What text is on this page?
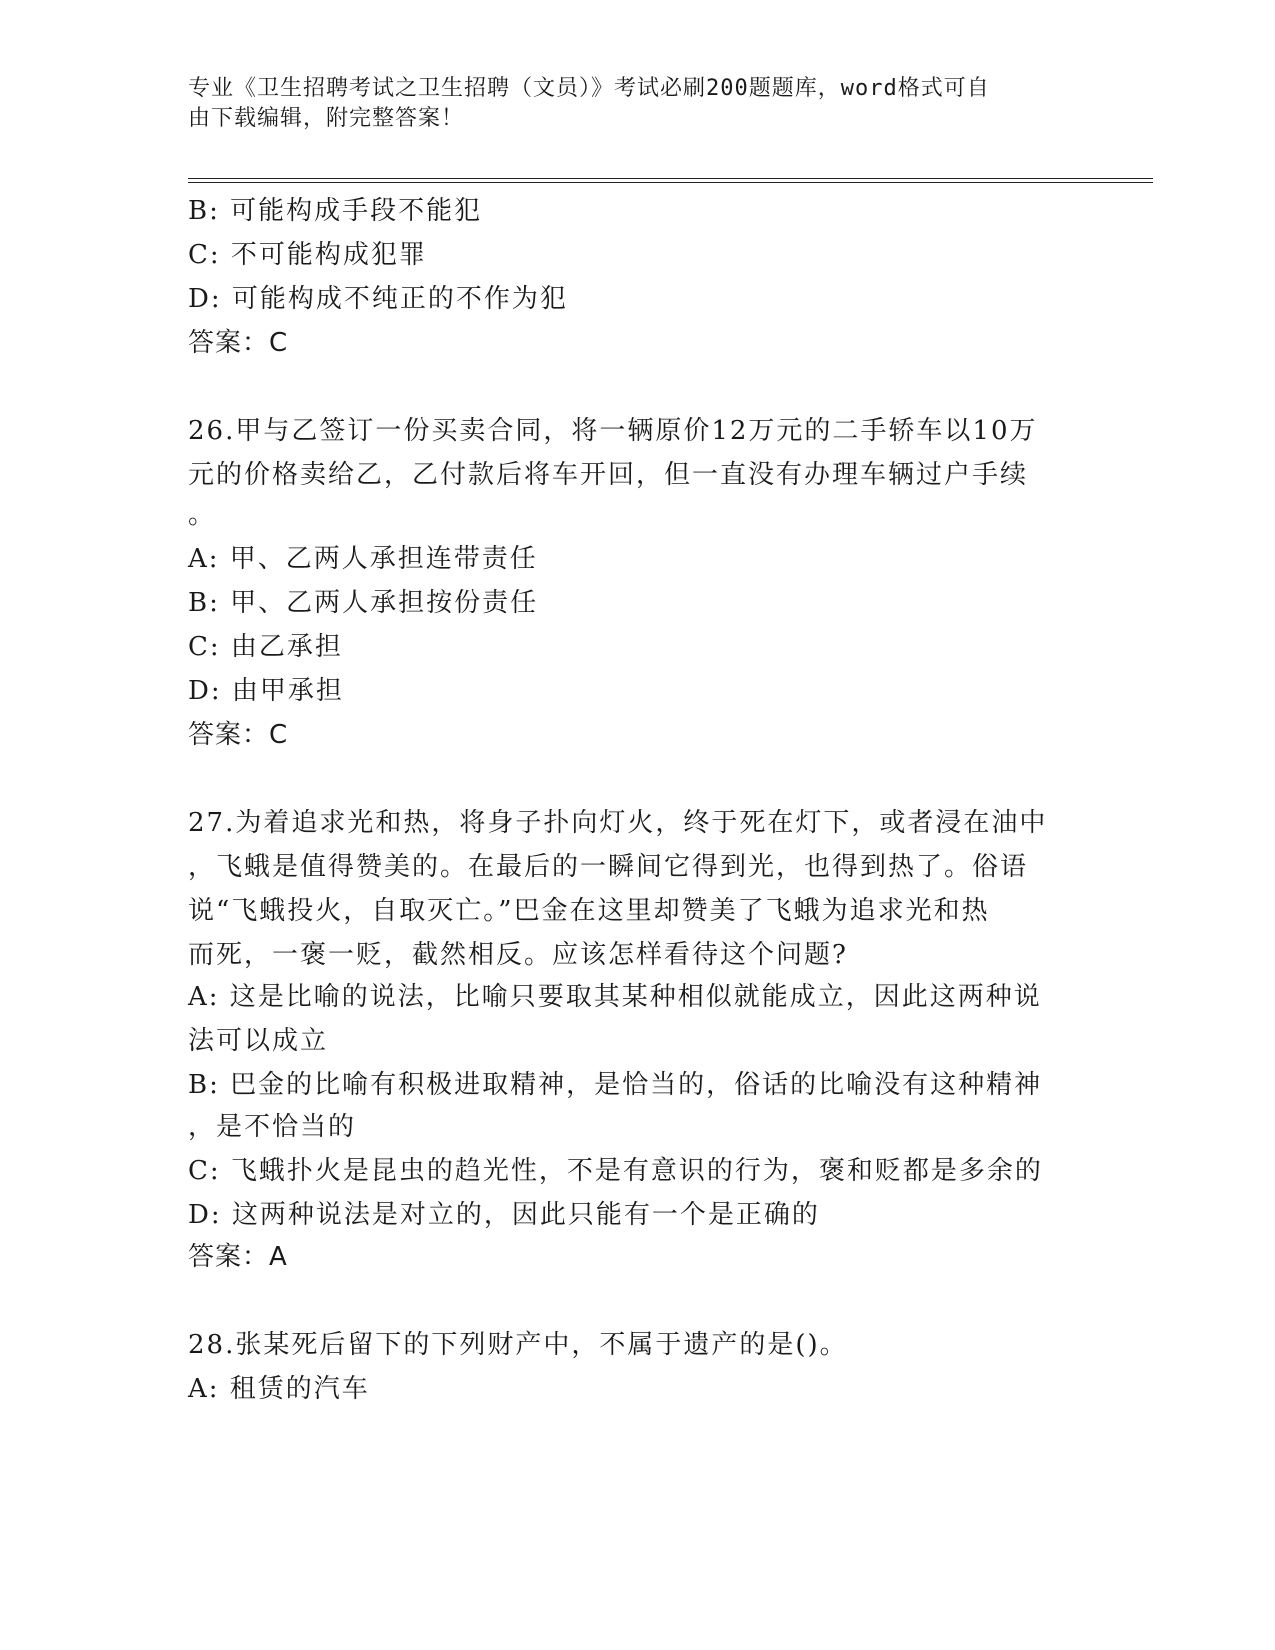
专业《卫生招聘考试之卫生招聘（文员）》考试必刷200题题库，word格式可自
由下载编辑，附完整答案！
B: 可能构成手段不能犯
C: 不可能构成犯罪
D: 可能构成不纯正的不作为犯
答案：C
26.甲与乙签订一份买卖合同，将一辆原价12万元的二手轿车以10万
元的价格卖给乙，乙付款后将车开回，但一直没有办理车辆过户手续
。
A: 甲、乙两人承担连带责任
B: 甲、乙两人承担按份责任
C: 由乙承担
D: 由甲承担
答案：C
27.为着追求光和热，将身子扑向灯火，终于死在灯下，或者浸在油中
，飞蛾是值得赞美的。在最后的一瞬间它得到光，也得到热了。俗语
说“飞蛾投火，自取灭亡。”巴金在这里却赞美了飞蛾为追求光和热
而死，一褒一贬，截然相反。应该怎样看待这个问题?
A: 这是比喻的说法，比喻只要取其某种相似就能成立，因此这两种说
法可以成立
B: 巴金的比喻有积极进取精神，是恰当的，俗话的比喻没有这种精神
，是不恰当的
C: 飞蛾扑火是昆虫的趋光性，不是有意识的行为，褒和贬都是多余的
D: 这两种说法是对立的，因此只能有一个是正确的
答案：A
28.张某死后留下的下列财产中，不属于遗产的是()。
A: 租赁的汽车
